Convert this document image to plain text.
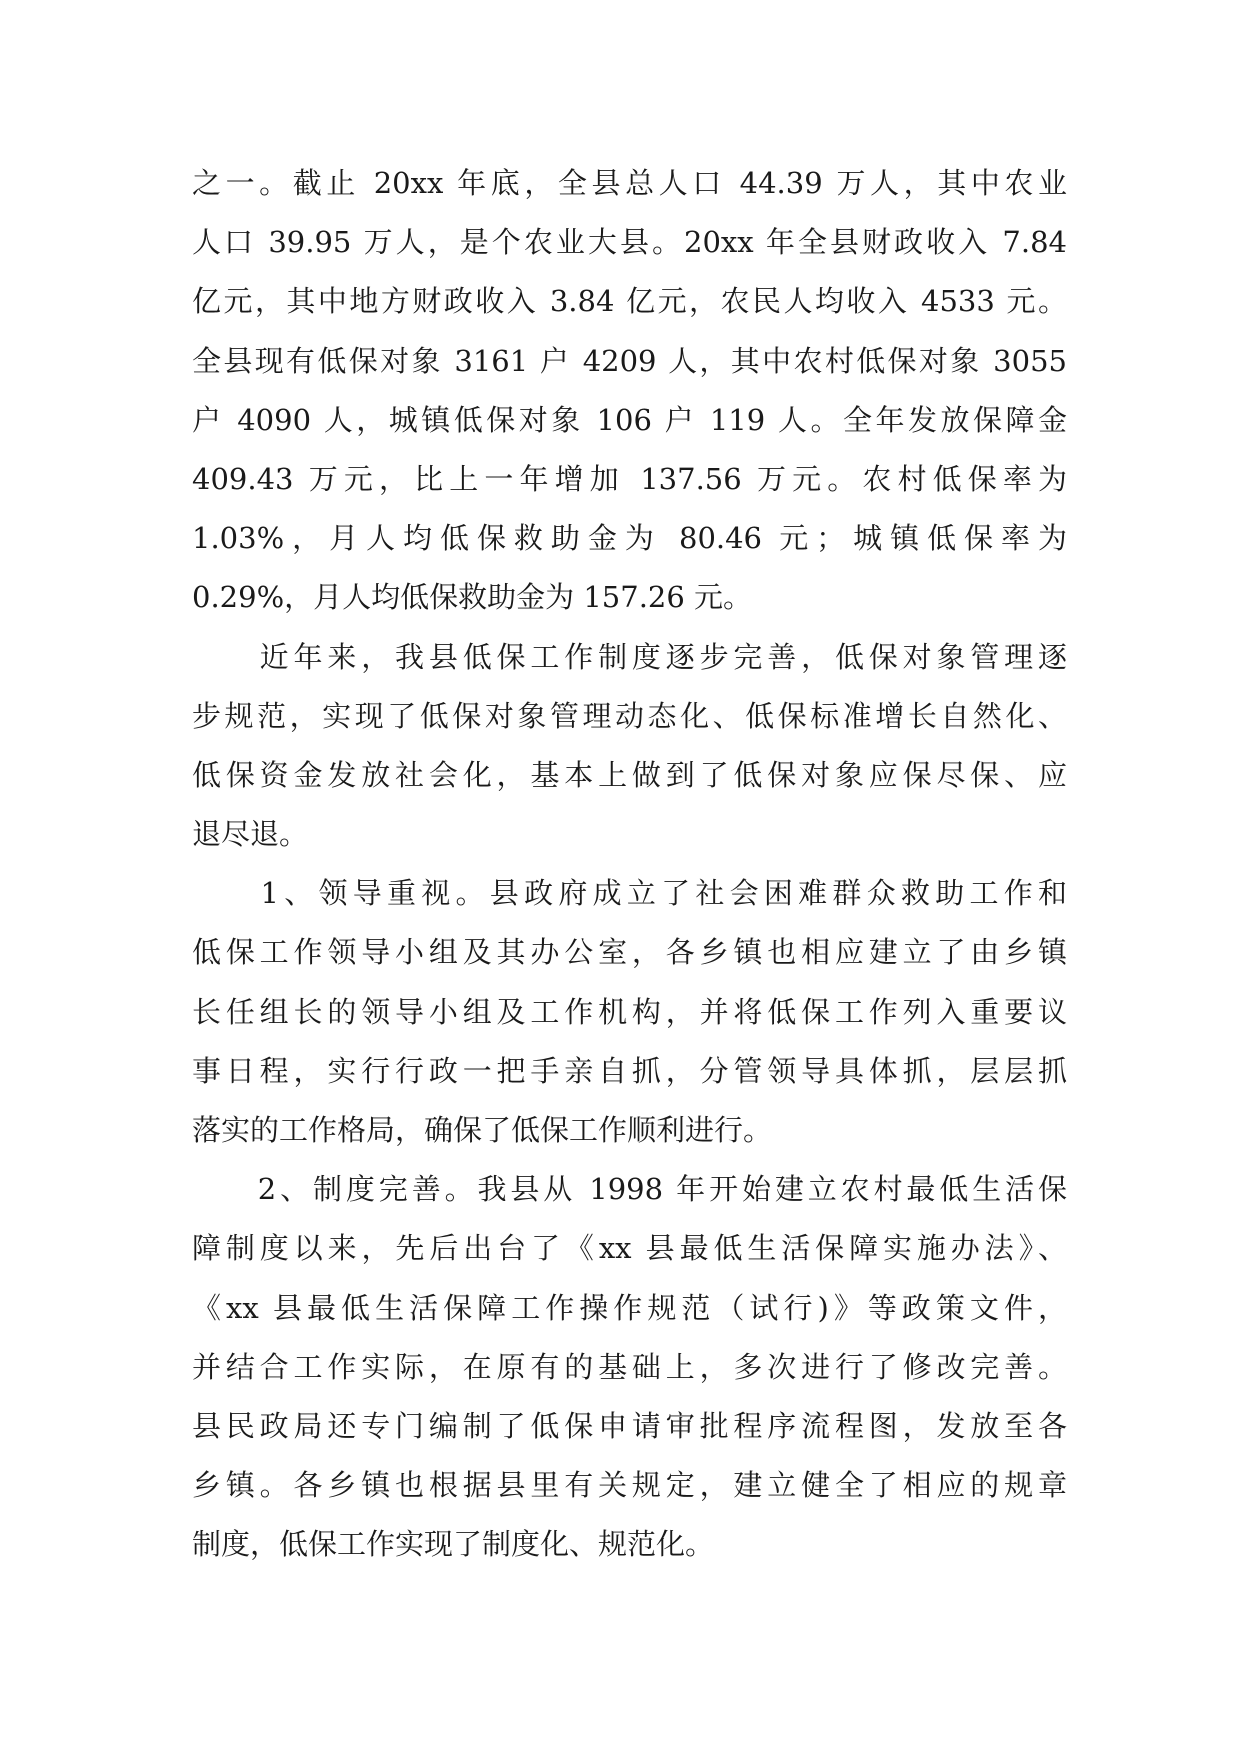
之一。截止 20xx 年底，全县总人口 44.39 万人，其中农业
人口 39.95 万人，是个农业大县。20xx 年全县财政收入 7.84
亿元，其中地方财政收入 3.84 亿元，农民人均收入 4533 元。
全县现有低保对象 3161 户 4209 人，其中农村低保对象 3055
户 4090 人，城镇低保对象 106 户 119 人。全年发放保障金
409.43 万元，比上一年增加 137.56 万元。农村低保率为
1.03%，月人均低保救助金为 80.46 元；城镇低保率为
0.29%，月人均低保救助金为 157.26 元。
　　近年来，我县低保工作制度逐步完善，低保对象管理逐
步规范，实现了低保对象管理动态化、低保标准增长自然化、
低保资金发放社会化，基本上做到了低保对象应保尽保、应
退尽退。
　　1、领导重视。县政府成立了社会困难群众救助工作和
低保工作领导小组及其办公室，各乡镇也相应建立了由乡镇
长任组长的领导小组及工作机构，并将低保工作列入重要议
事日程，实行行政一把手亲自抓，分管领导具体抓，层层抓
落实的工作格局，确保了低保工作顺利进行。
　　2、制度完善。我县从 1998 年开始建立农村最低生活保
障制度以来，先后出台了《xx 县最低生活保障实施办法》、
《xx 县最低生活保障工作操作规范（试行)》等政策文件，
并结合工作实际，在原有的基础上，多次进行了修改完善。
县民政局还专门编制了低保申请审批程序流程图，发放至各
乡镇。各乡镇也根据县里有关规定，建立健全了相应的规章
制度，低保工作实现了制度化、规范化。
